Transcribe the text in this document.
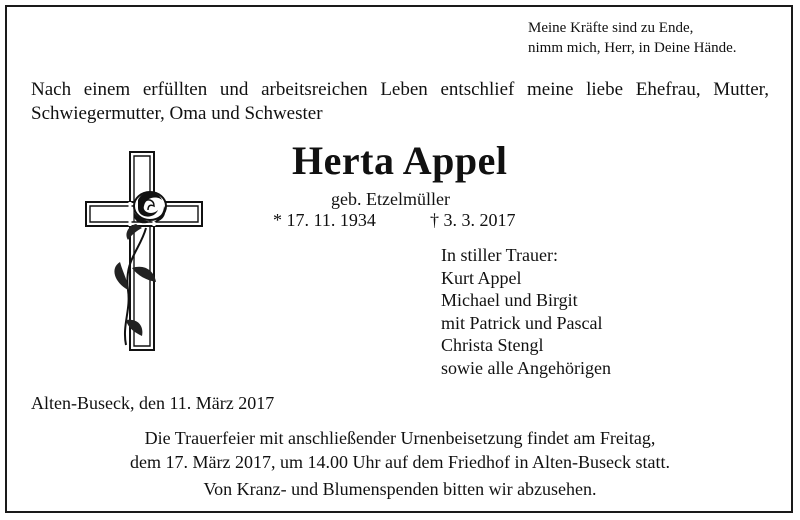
Meine Kräfte sind zu Ende,
nimm mich, Herr, in Deine Hände.
Nach einem erfüllten und arbeitsreichen Leben entschlief meine liebe Ehefrau, Mutter,
Schwiegermutter, Oma und Schwester
Herta Appel
geb. Etzelmüller
* 17. 11. 1934	† 3. 3. 2017
In stiller Trauer:
Kurt Appel
Michael und Birgit
mit Patrick und Pascal
Christa Stengl
sowie alle Angehörigen
Alten-Buseck, den 11. März 2017
Die Trauerfeier mit anschließender Urnenbeisetzung findet am Freitag,
dem 17. März 2017, um 14.00 Uhr auf dem Friedhof in Alten-Buseck statt.
Von Kranz- und Blumenspenden bitten wir abzusehen.
